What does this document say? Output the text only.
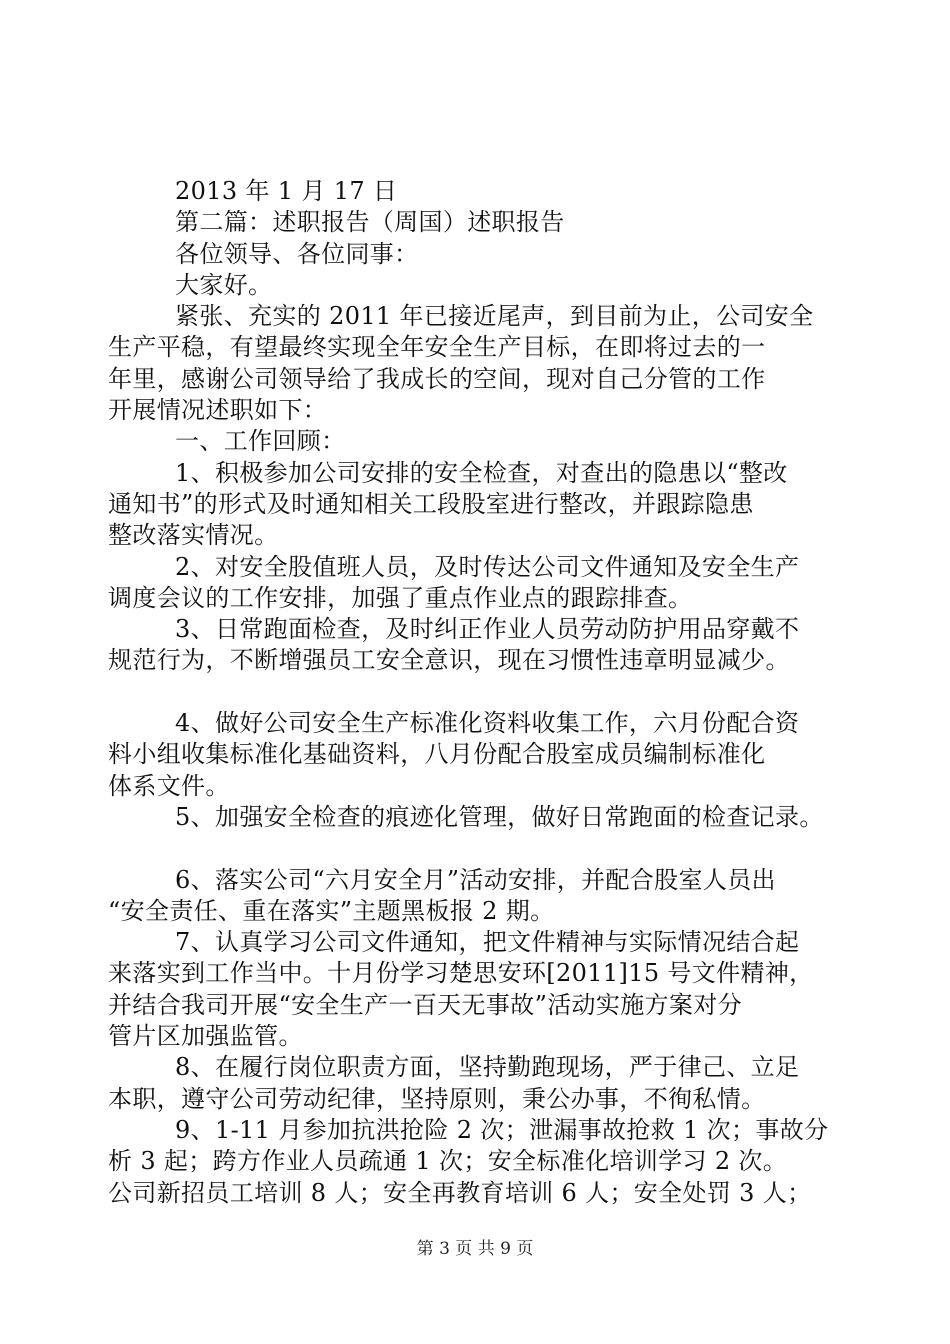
2013 年 1 月 17 日

第二篇：述职报告（周国）述职报告

各位领导、各位同事：

大家好。

紧张、充实的 2011 年已接近尾声，到目前为止，公司安全

生产平稳，有望最终实现全年安全生产目标，在即将过去的一

年里，感谢公司领导给了我成长的空间，现对自己分管的工作

开展情况述职如下：

一、工作回顾：

1、积极参加公司安排的安全检查，对查出的隐患以“整改

通知书”的形式及时通知相关工段股室进行整改，并跟踪隐患

整改落实情况。

2、对安全股值班人员，及时传达公司文件通知及安全生产

调度会议的工作安排，加强了重点作业点的跟踪排查。

3、日常跑面检查，及时纠正作业人员劳动防护用品穿戴不

规范行为，不断增强员工安全意识，现在习惯性违章明显减少。

4、做好公司安全生产标准化资料收集工作，六月份配合资

料小组收集标准化基础资料，八月份配合股室成员编制标准化

体系文件。

5、加强安全检查的痕迹化管理，做好日常跑面的检查记录。

6、落实公司“六月安全月”活动安排，并配合股室人员出

“安全责任、重在落实”主题黑板报 2 期。

7、认真学习公司文件通知，把文件精神与实际情况结合起

来落实到工作当中。十月份学习楚思安环[2011]15 号文件精神，

并结合我司开展“安全生产一百天无事故”活动实施方案对分

管片区加强监管。

8、在履行岗位职责方面，坚持勤跑现场，严于律己、立足

本职，遵守公司劳动纪律，坚持原则，秉公办事，不徇私情。

9、1-11 月参加抗洪抢险 2 次；泄漏事故抢救 1 次；事故分

析 3 起；跨方作业人员疏通 1 次；安全标准化培训学习 2 次。

公司新招员工培训 8 人；安全再教育培训 6 人；安全处罚 3 人；

第 3 页 共 9 页
